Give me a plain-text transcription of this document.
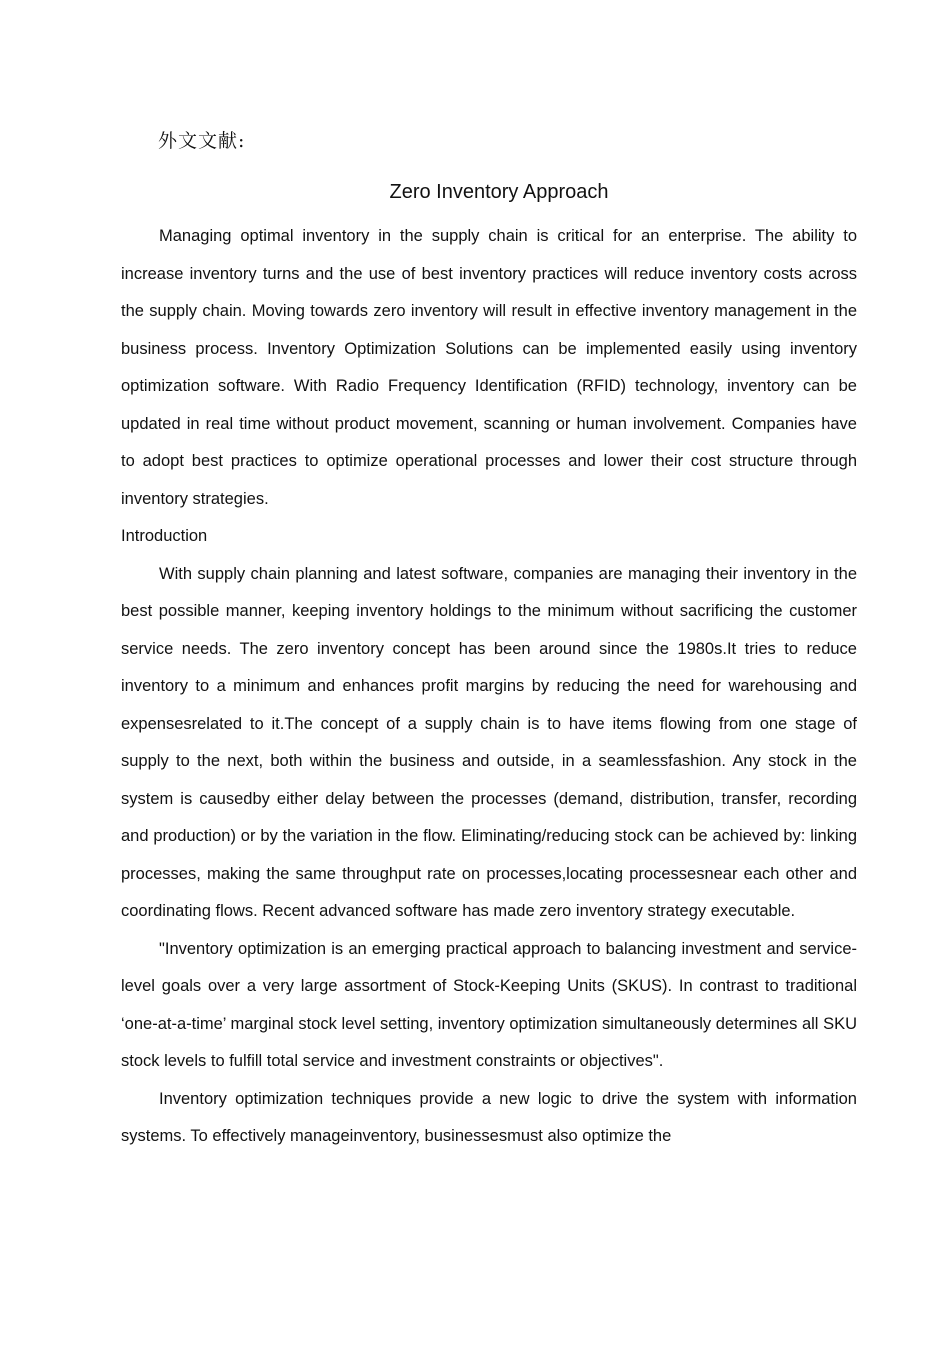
外文文献:
Zero Inventory Approach

Managing optimal inventory in the supply chain is critical for an enterprise. The ability to increase inventory turns and the use of best inventory practices will reduce inventory costs across the supply chain. Moving towards zero inventory will result in effective inventory management in the business process. Inventory Optimization Solutions can be implemented easily using inventory optimization software. With Radio Frequency Identification (RFID) technology, inventory can be updated in real time without product movement, scanning or human involvement. Companies have to adopt best practices to optimize operational processes and lower their cost structure through inventory strategies.

Introduction

With supply chain planning and latest software, companies are managing their inventory in the best possible manner, keeping inventory holdings to the minimum without sacrificing the customer service needs. The zero inventory concept has been around since the 1980s.It tries to reduce inventory to a minimum and enhances profit margins by reducing the need for warehousing and expensesrelated to it.The concept of a supply chain is to have items flowing from one stage of supply to the next, both within the business and outside, in a seamlessfashion. Any stock in the system is causedby either delay between the processes (demand, distribution, transfer, recording and production) or by the variation in the flow. Eliminating/reducing stock can be achieved by: linking processes, making the same throughput rate on processes,locating processesnear each other and coordinating flows. Recent advanced software has made zero inventory strategy executable.

"Inventory optimization is an emerging practical approach to balancing investment and service-level goals over a very large assortment of Stock-Keeping Units (SKUS). In contrast to traditional ‘one-at-a-time’ marginal stock level setting, inventory optimization simultaneously determines all SKU stock levels to fulfill total service and investment constraints or objectives".

Inventory optimization techniques provide a new logic to drive the system with information systems. To effectively manageinventory, businessesmust also optimize the
